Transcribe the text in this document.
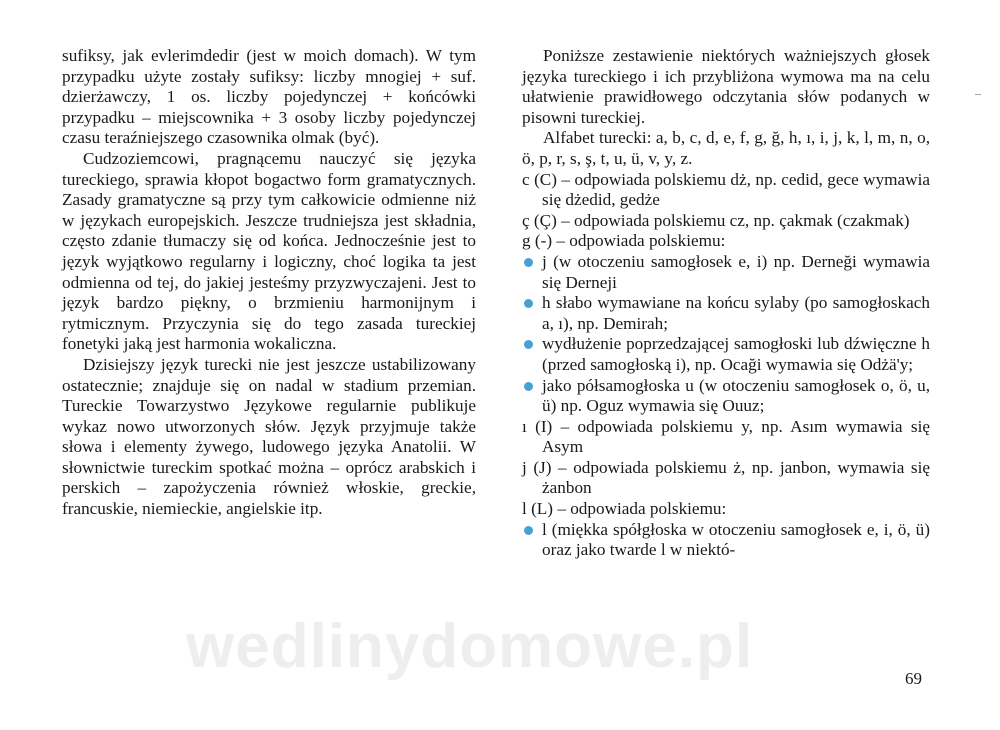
sufiksy, jak evlerimdedir (jest w moich domach). W tym przypadku użyte zostały sufiksy: liczby mnogiej + suf. dzierżawczy, 1 os. liczby pojedynczej + końcówki przypadku – miejscownika + 3 osoby liczby pojedynczej czasu teraźniejszego czasownika olmak (być).

Cudzoziemcowi, pragnącemu nauczyć się języka tureckiego, sprawia kłopot bogactwo form gramatycznych. Zasady gramatyczne są przy tym całkowicie odmienne niż w językach europejskich. Jeszcze trudniejsza jest składnia, często zdanie tłumaczy się od końca. Jednocześnie jest to język wyjątkowo regularny i logiczny, choć logika ta jest odmienna od tej, do jakiej jesteśmy przyzwyczajeni. Jest to język bardzo piękny, o brzmieniu harmonijnym i rytmicznym. Przyczynia się do tego zasada tureckiej fonetyki jaką jest harmonia wokaliczna.

Dzisiejszy język turecki nie jest jeszcze ustabilizowany ostatecznie; znajduje się on nadal w stadium przemian. Tureckie Towarzystwo Językowe regularnie publikuje wykaz nowo utworzonych słów. Język przyjmuje także słowa i elementy żywego, ludowego języka Anatolii. W słownictwie tureckim spotkać można – oprócz arabskich i perskich – zapożyczenia również włoskie, greckie, francuskie, niemieckie, angielskie itp.

Poniższe zestawienie niektórych ważniejszych głosek języka tureckiego i ich przybliżona wymowa ma na celu ułatwienie prawidłowego odczytania słów podanych w pisowni tureckiej.

Alfabet turecki: a, b, c, d, e, f, g, ğ, h, ı, i, j, k, l, m, n, o, ö, p, r, s, ş, t, u, ü, v, y, z.

c (C) – odpowiada polskiemu dż, np. cedid, gece wymawia się dżedid, gedże

ç (Ç) – odpowiada polskiemu cz, np. çakmak (czakmak)

g (-) – odpowiada polskiemu:

j (w otoczeniu samogłosek e, i) np. Derneği wymawia się Derneji

h słabo wymawiane na końcu sylaby (po samogłoskach a, ı), np. Demirah;

wydłużenie poprzedzającej samogłoski lub dźwięczne h (przed samogłoską i), np. Ocaği wymawia się Odżä'y;

jako półsamogłoska u (w otoczeniu samogłosek o, ö, u, ü) np. Oguz wymawia się Ouuz;

ı (I) – odpowiada polskiemu y, np. Asım wymawia się Asym

j (J) – odpowiada polskiemu ż, np. janbon, wymawia się żanbon

l (L) – odpowiada polskiemu:

l (miękka spółgłoska w otoczeniu samogłosek e, i, ö, ü) oraz jako twarde l w niektó-

69
wedlinydomowe.pl
